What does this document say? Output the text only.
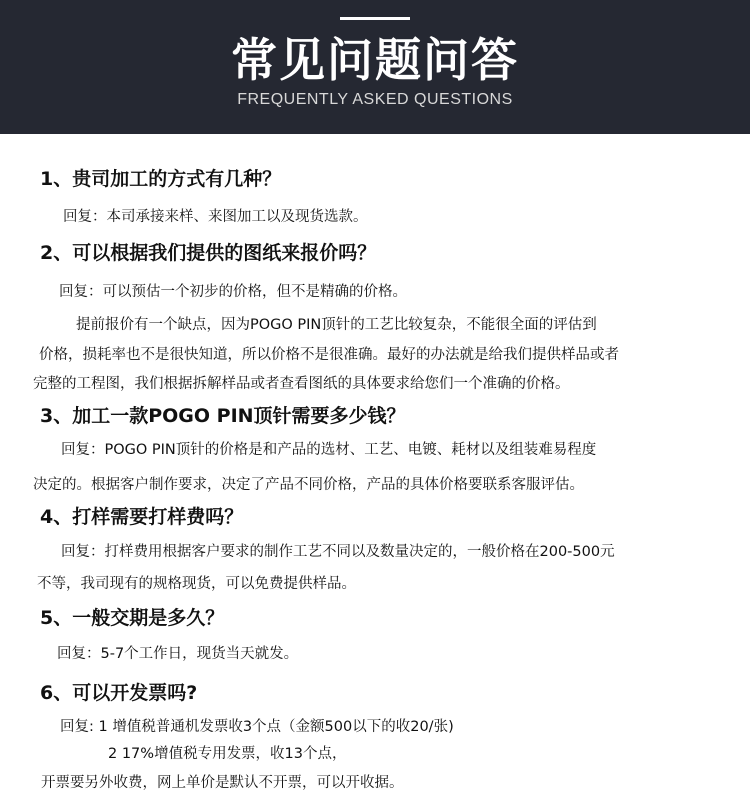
常见问题问答
FREQUENTLY ASKED QUESTIONS
1、贵司加工的方式有几种？
回复：本司承接来样、来图加工以及现货选款。
2、可以根据我们提供的图纸来报价吗？
回复：可以预估一个初步的价格，但不是精确的价格。
提前报价有一个缺点，因为POGO PIN顶针的工艺比较复杂，不能很全面的评估到
价格，损耗率也不是很快知道，所以价格不是很准确。最好的办法就是给我们提供样品或者
完整的工程图，我们根据拆解样品或者查看图纸的具体要求给您们一个准确的价格。
3、加工一款POGO PIN顶针需要多少钱？
回复：POGO PIN顶针的价格是和产品的选材、工艺、电镀、耗材以及组装难易程度
决定的。根据客户制作要求，决定了产品不同价格，产品的具体价格要联系客服评估。
4、打样需要打样费吗？
回复：打样费用根据客户要求的制作工艺不同以及数量决定的，一般价格在200-500元
不等，我司现有的规格现货，可以免费提供样品。
5、一般交期是多久？
回复：5-7个工作日，现货当天就发。
6、可以开发票吗?
回复: 1 增值税普通机发票收3个点（金额500以下的收20/张)
2 17%增值税专用发票，收13个点，
开票要另外收费，网上单价是默认不开票，可以开收据。
